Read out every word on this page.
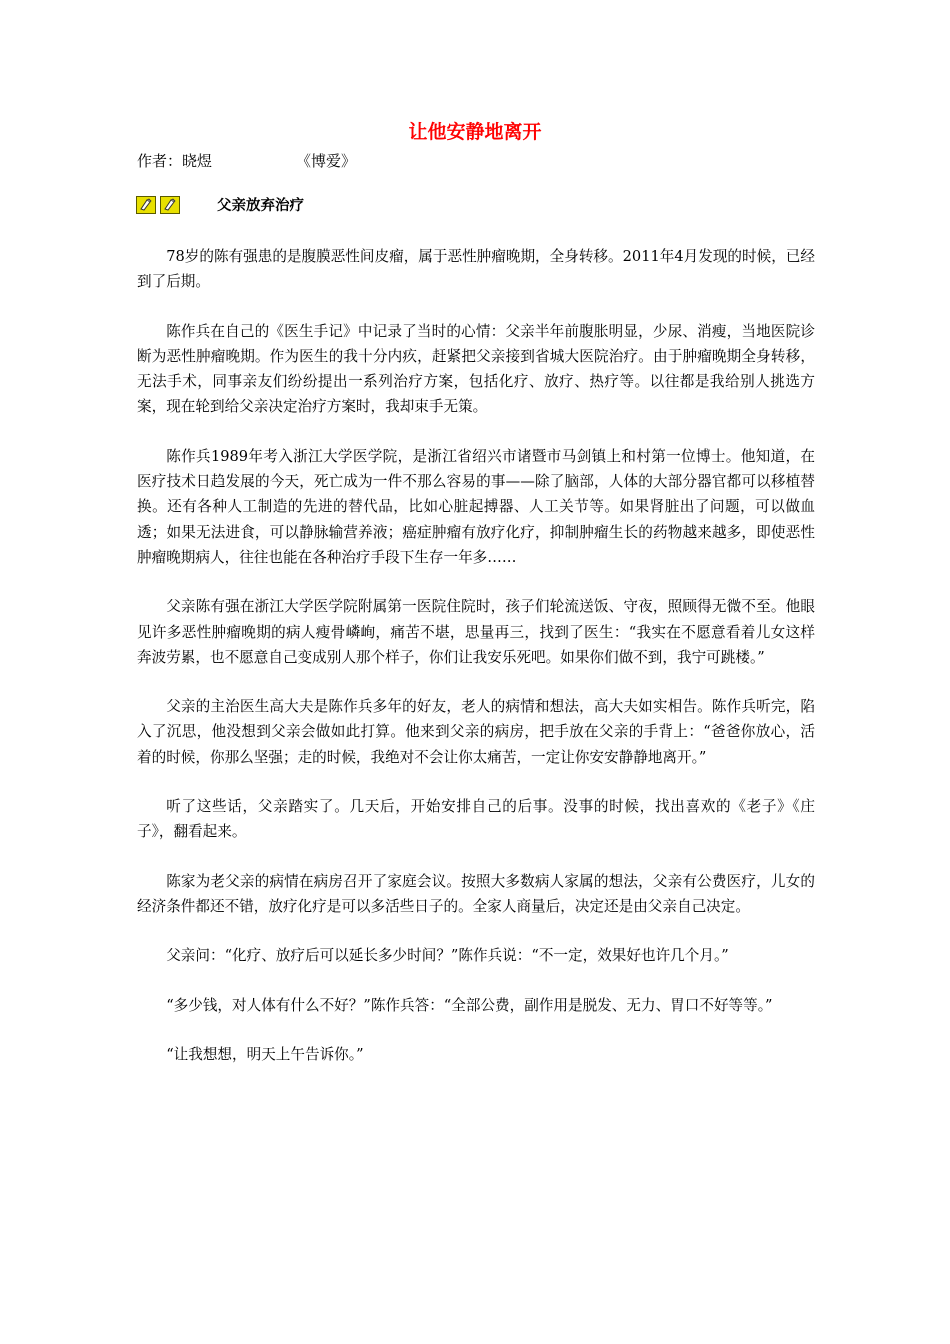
让他安静地离开
作者：晓煜	《博爱》
父亲放弃治疗

78岁的陈有强患的是腹膜恶性间皮瘤，属于恶性肿瘤晚期，全身转移。2011年4月发现的时候，已经到了后期。

陈作兵在自己的《医生手记》中记录了当时的心情：父亲半年前腹胀明显，少尿、消瘦，当地医院诊断为恶性肿瘤晚期。作为医生的我十分内疚，赶紧把父亲接到省城大医院治疗。由于肿瘤晚期全身转移，无法手术，同事亲友们纷纷提出一系列治疗方案，包括化疗、放疗、热疗等。以往都是我给别人挑选方案，现在轮到给父亲决定治疗方案时，我却束手无策。

陈作兵1989年考入浙江大学医学院，是浙江省绍兴市诸暨市马剑镇上和村第一位博士。他知道，在医疗技术日趋发展的今天，死亡成为一件不那么容易的事——除了脑部，人体的大部分器官都可以移植替换。还有各种人工制造的先进的替代品，比如心脏起搏器、人工关节等。如果肾脏出了问题，可以做血透；如果无法进食，可以静脉输营养液；癌症肿瘤有放疗化疗，抑制肿瘤生长的药物越来越多，即使恶性肿瘤晚期病人，往往也能在各种治疗手段下生存一年多……

父亲陈有强在浙江大学医学院附属第一医院住院时，孩子们轮流送饭、守夜，照顾得无微不至。他眼见许多恶性肿瘤晚期的病人瘦骨嶙峋，痛苦不堪，思量再三，找到了医生：“我实在不愿意看着儿女这样奔波劳累，也不愿意自己变成别人那个样子，你们让我安乐死吧。如果你们做不到，我宁可跳楼。”

父亲的主治医生高大夫是陈作兵多年的好友，老人的病情和想法，高大夫如实相告。陈作兵听完，陷入了沉思，他没想到父亲会做如此打算。他来到父亲的病房，把手放在父亲的手背上：“爸爸你放心，活着的时候，你那么坚强；走的时候，我绝对不会让你太痛苦，一定让你安安静静地离开。”

听了这些话，父亲踏实了。几天后，开始安排自己的后事。没事的时候，找出喜欢的《老子》《庄子》，翻看起来。

陈家为老父亲的病情在病房召开了家庭会议。按照大多数病人家属的想法，父亲有公费医疗，儿女的经济条件都还不错，放疗化疗是可以多活些日子的。全家人商量后，决定还是由父亲自己决定。

父亲问：“化疗、放疗后可以延长多少时间？”陈作兵说：“不一定，效果好也许几个月。”

“多少钱，对人体有什么不好？”陈作兵答：“全部公费，副作用是脱发、无力、胃口不好等等。”

“让我想想，明天上午告诉你。”
